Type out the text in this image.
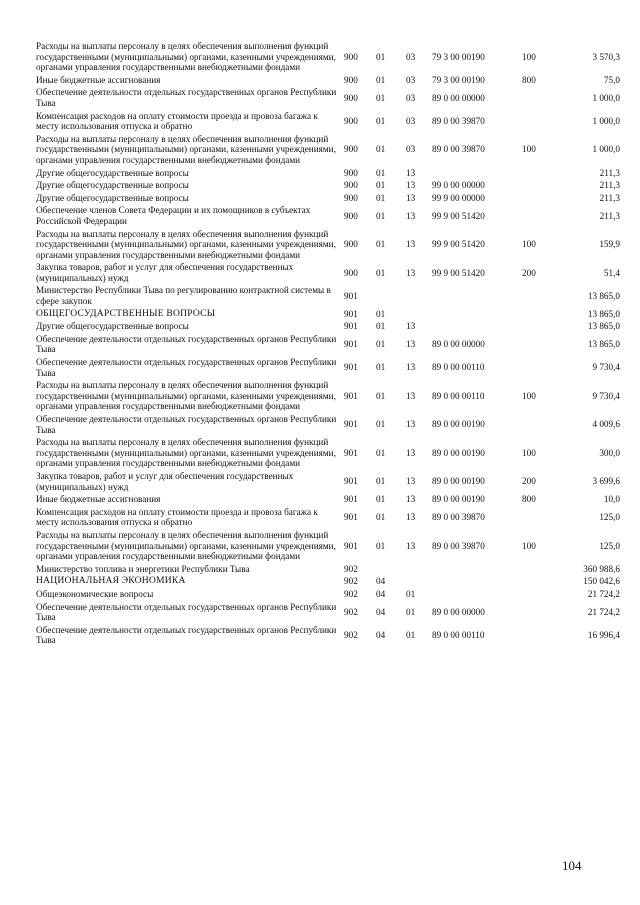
Расходы на выплаты персоналу в целях обеспечения выполнения функций государственными (муниципальными) органами, казенными учреждениями, органами управления государственными внебюджетными фондами	900	01	03	79 3 00 00190	100	3 570,3
Иные бюджетные ассигнования	900	01	03	79 3 00 00190	800	75,0
Обеспечение деятельности отдельных государственных органов Республики Тыва	900	01	03	89 0 00 00000		1 000,0
Компенсация расходов на оплату стоимости проезда и провоза багажа к месту использования отпуска и обратно	900	01	03	89 0 00 39870		1 000,0
Расходы на выплаты персоналу в целях обеспечения выполнения функций государственными (муниципальными) органами, казенными учреждениями, органами управления государственными внебюджетными фондами	900	01	03	89 0 00 39870	100	1 000,0
Другие общегосударственные вопросы	900	01	13			211,3
Другие общегосударственные вопросы	900	01	13	99 0 00 00000		211,3
Другие общегосударственные вопросы	900	01	13	99 9 00 00000		211,3
Обеспечение членов Совета Федерации и их помощников в субъектах Российской Федерации	900	01	13	99 9 00 51420		211,3
Расходы на выплаты персоналу в целях обеспечения выполнения функций государственными (муниципальными) органами, казенными учреждениями, органами управления государственными внебюджетными фондами	900	01	13	99 9 00 51420	100	159,9
Закупка товаров, работ и услуг для обеспечения государственных (муниципальных) нужд	900	01	13	99 9 00 51420	200	51,4
Министерство Республики Тыва по регулированию контрактной системы в сфере закупок	901					13 865,0
ОБЩЕГОСУДАРСТВЕННЫЕ ВОПРОСЫ	901	01				13 865,0
Другие общегосударственные вопросы	901	01	13			13 865,0
Обеспечение деятельности отдельных государственных органов Республики Тыва	901	01	13	89 0 00 00000		13 865,0
Обеспечение деятельности отдельных государственных органов Республики Тыва	901	01	13	89 0 00 00110		9 730,4
Расходы на выплаты персоналу в целях обеспечения выполнения функций государственными (муниципальными) органами, казенными учреждениями, органами управления государственными внебюджетными фондами	901	01	13	89 0 00 00110	100	9 730,4
Обеспечение деятельности отдельных государственных органов Республики Тыва	901	01	13	89 0 00 00190		4 009,6
Расходы на выплаты персоналу в целях обеспечения выполнения функций государственными (муниципальными) органами, казенными учреждениями, органами управления государственными внебюджетными фондами	901	01	13	89 0 00 00190	100	300,0
Закупка товаров, работ и услуг для обеспечения государственных (муниципальных) нужд	901	01	13	89 0 00 00190	200	3 699,6
Иные бюджетные ассигнования	901	01	13	89 0 00 00190	800	10,0
Компенсация расходов на оплату стоимости проезда и провоза багажа к месту использования отпуска и обратно	901	01	13	89 0 00 39870		125,0
Расходы на выплаты персоналу в целях обеспечения выполнения функций государственными (муниципальными) органами, казенными учреждениями, органами управления государственными внебюджетными фондами	901	01	13	89 0 00 39870	100	125,0
Министерство топлива и энергетики Республики Тыва	902					360 988,6
НАЦИОНАЛЬНАЯ ЭКОНОМИКА	902	04				150 042,6
Общеэкономические вопросы	902	04	01			21 724,2
Обеспечение деятельности отдельных государственных органов Республики Тыва	902	04	01	89 0 00 00000		21 724,2
Обеспечение деятельности отдельных государственных органов Республики Тыва	902	04	01	89 0 00 00110		16 996,4
104
